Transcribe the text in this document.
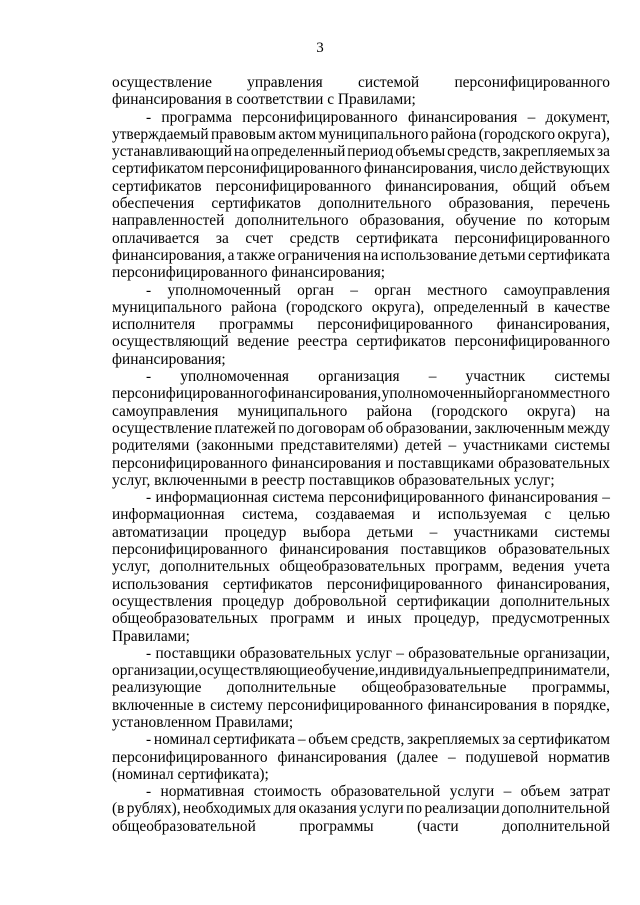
3
осуществление управления системой персонифицированного
финансирования в соответствии с Правилами;
- программа персонифицированного финансирования – документ,
утверждаемый правовым актом муниципального района (городского округа),
устанавливающий на определенный период объемы средств, закрепляемых за
сертификатом персонифицированного финансирования, число действующих
сертификатов персонифицированного финансирования, общий объем
обеспечения сертификатов дополнительного образования, перечень
направленностей дополнительного образования, обучение по которым
оплачивается за счет средств сертификата персонифицированного
финансирования, а также ограничения на использование детьми сертификата
персонифицированного финансирования;
- уполномоченный орган – орган местного самоуправления
муниципального района (городского округа), определенный в качестве
исполнителя программы персонифицированного финансирования,
осуществляющий ведение реестра сертификатов персонифицированного
финансирования;
- уполномоченная организация – участник системы
персонифицированного финансирования, уполномоченный органом местного
самоуправления муниципального района (городского округа) на
осуществление платежей по договорам об образовании, заключенным между
родителями (законными представителями) детей – участниками системы
персонифицированного финансирования и поставщиками образовательных
услуг, включенными в реестр поставщиков образовательных услуг;
- информационная система персонифицированного финансирования –
информационная система, создаваемая и используемая с целью
автоматизации процедур выбора детьми – участниками системы
персонифицированного финансирования поставщиков образовательных
услуг, дополнительных общеобразовательных программ, ведения учета
использования сертификатов персонифицированного финансирования,
осуществления процедур добровольной сертификации дополнительных
общеобразовательных программ и иных процедур, предусмотренных
Правилами;
- поставщики образовательных услуг – образовательные организации,
организации, осуществляющие обучение, индивидуальные предприниматели,
реализующие дополнительные общеобразовательные программы,
включенные в систему персонифицированного финансирования в порядке,
установленном Правилами;
- номинал сертификата – объем средств, закрепляемых за сертификатом
персонифицированного финансирования (далее – подушевой норматив
(номинал сертификата);
- нормативная стоимость образовательной услуги – объем затрат
(в рублях), необходимых для оказания услуги по реализации дополнительной
общеобразовательной	программы	(части	дополнительной
